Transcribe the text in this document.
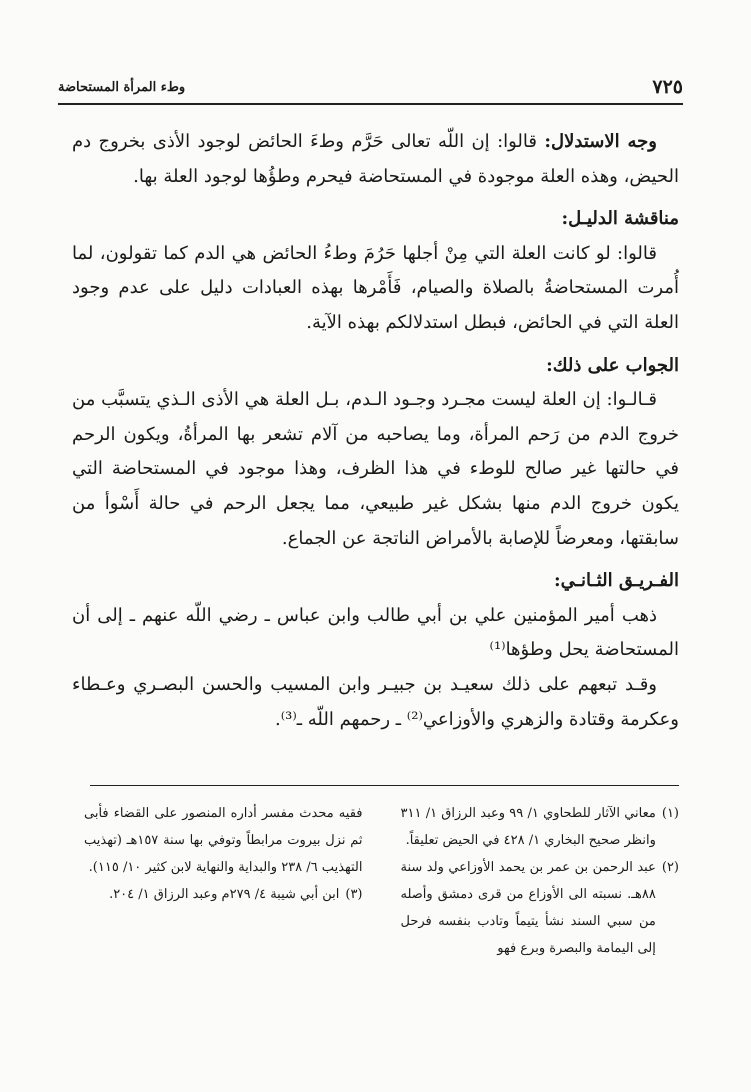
٧٢٥
وطء المرأة المستحاضة

وجه الاستدلال: قالوا: إن اللّه تعالى حَرَّم وطءَ الحائض لوجود الأذى بخروج دم الحيض، وهذه العلة موجودة في المستحاضة فيحرم وطؤُها لوجود العلة بها.

مناقشة الدليـل:

قالوا: لو كانت العلة التي مِنْ أجلها حَرُمَ وطءُ الحائض هي الدم كما تقولون، لما أُمرت المستحاضةُ بالصلاة والصيام، فَأَمْرها بهذه العبادات دليل على عدم وجود العلة التي في الحائض، فبطل استدلالكم بهذه الآية.

الجواب على ذلك:

قـالـوا: إن العلة ليست مجـرد وجـود الـدم، بـل العلة هي الأذى الـذي يتسبَّب من خروج الدم من رَحم المرأة، وما يصاحبه من آلام تشعر بها المرأةُ، ويكون الرحم في حالتها غير صالح للوطء في هذا الظرف، وهذا موجود في المستحاضة التي يكون خروج الدم منها بشكل غير طبيعي، مما يجعل الرحم في حالة أَسْوأ من سابقتها، ومعرضاً للإصابة بالأمراض الناتجة عن الجماع.

الفـريـق الثـانـي:

ذهب أمير المؤمنين علي بن أبي طالب وابن عباس ـ رضي اللّه عنهم ـ إلى أن المستحاضة يحل وطؤها⁽¹⁾

وقـد تبعهم على ذلك سعيـد بن جبيـر وابن المسيب والحسن البصـري وعـطاء وعكرمة وقتادة والزهري والأوزاعي⁽²⁾ ـ رحمهم اللّه ـ⁽³⁾.

(١)
معاني الآثار للطحاوي ١/ ٩٩ وعبد الرزاق ١/ ٣١١ وانظر صحيح البخاري ١/ ٤٢٨ في الحيض تعليقاً.
(٢)
عبد الرحمن بن عمر بن يحمد الأوزاعي ولد سنة ٨٨هـ. نسبته الى الأوزاع من قرى دمشق وأصله من سبي السند نشأ يتيماً وتادب بنفسه فرحل إلى اليمامة والبصرة وبرع فهو
فقيه محدث مفسر أداره المنصور على القضاء فأبى ثم نزل بيروت مرابطاً وتوفي بها سنة ١٥٧هـ (تهذيب التهذيب ٦/ ٢٣٨ والبداية والنهاية لابن كثير ١٠/ ١١٥).
(٣)
ابن أبي شيبة ٤/ ٢٧٩م وعبد الرزاق ١/ ٢٠٤.
